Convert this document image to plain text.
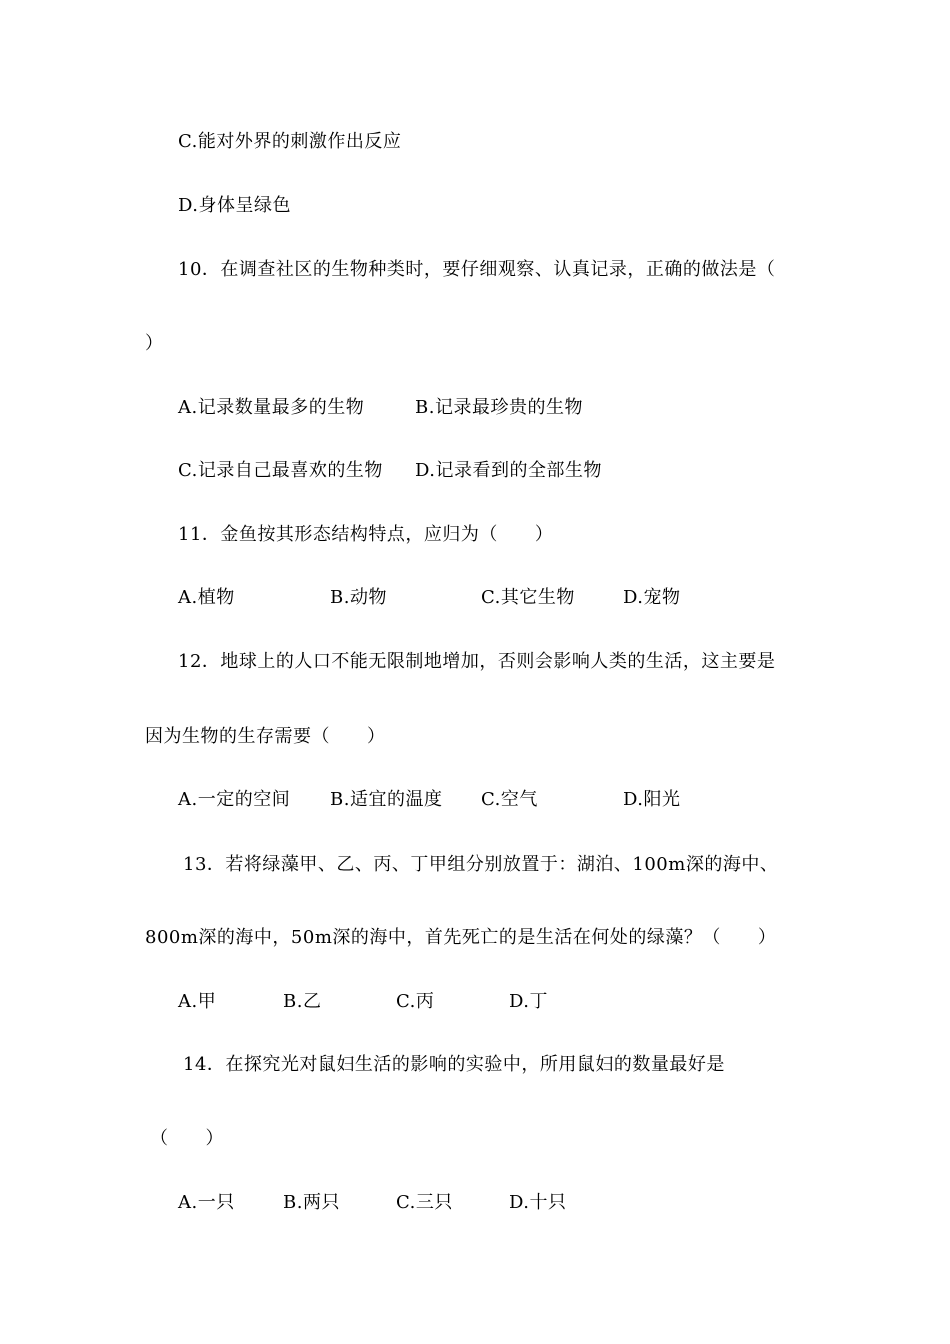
C.能对外界的刺激作出反应
D.身体呈绿色
10．在调查社区的生物种类时，要仔细观察、认真记录，正确的做法是（
）
A.记录数量最多的生物	B.记录最珍贵的生物
C.记录自己最喜欢的生物 D.记录看到的全部生物
11．金鱼按其形态结构特点，应归为（　　）
A.植物	B.动物	C.其它生物	D.宠物
12．地球上的人口不能无限制地增加，否则会影响人类的生活，这主要是
因为生物的生存需要（　　）
A.一定的空间 B.适宜的温度 C.空气	D.阳光
13．若将绿藻甲、乙、丙、丁甲组分别放置于：湖泊、100m深的海中、
800m深的海中，50m深的海中，首先死亡的是生活在何处的绿藻？（　　）
A.甲	B.乙	C.丙	D.丁
14．在探究光对鼠妇生活的影响的实验中，所用鼠妇的数量最好是
（　　）
A.一只	B.两只	C.三只	D.十只
